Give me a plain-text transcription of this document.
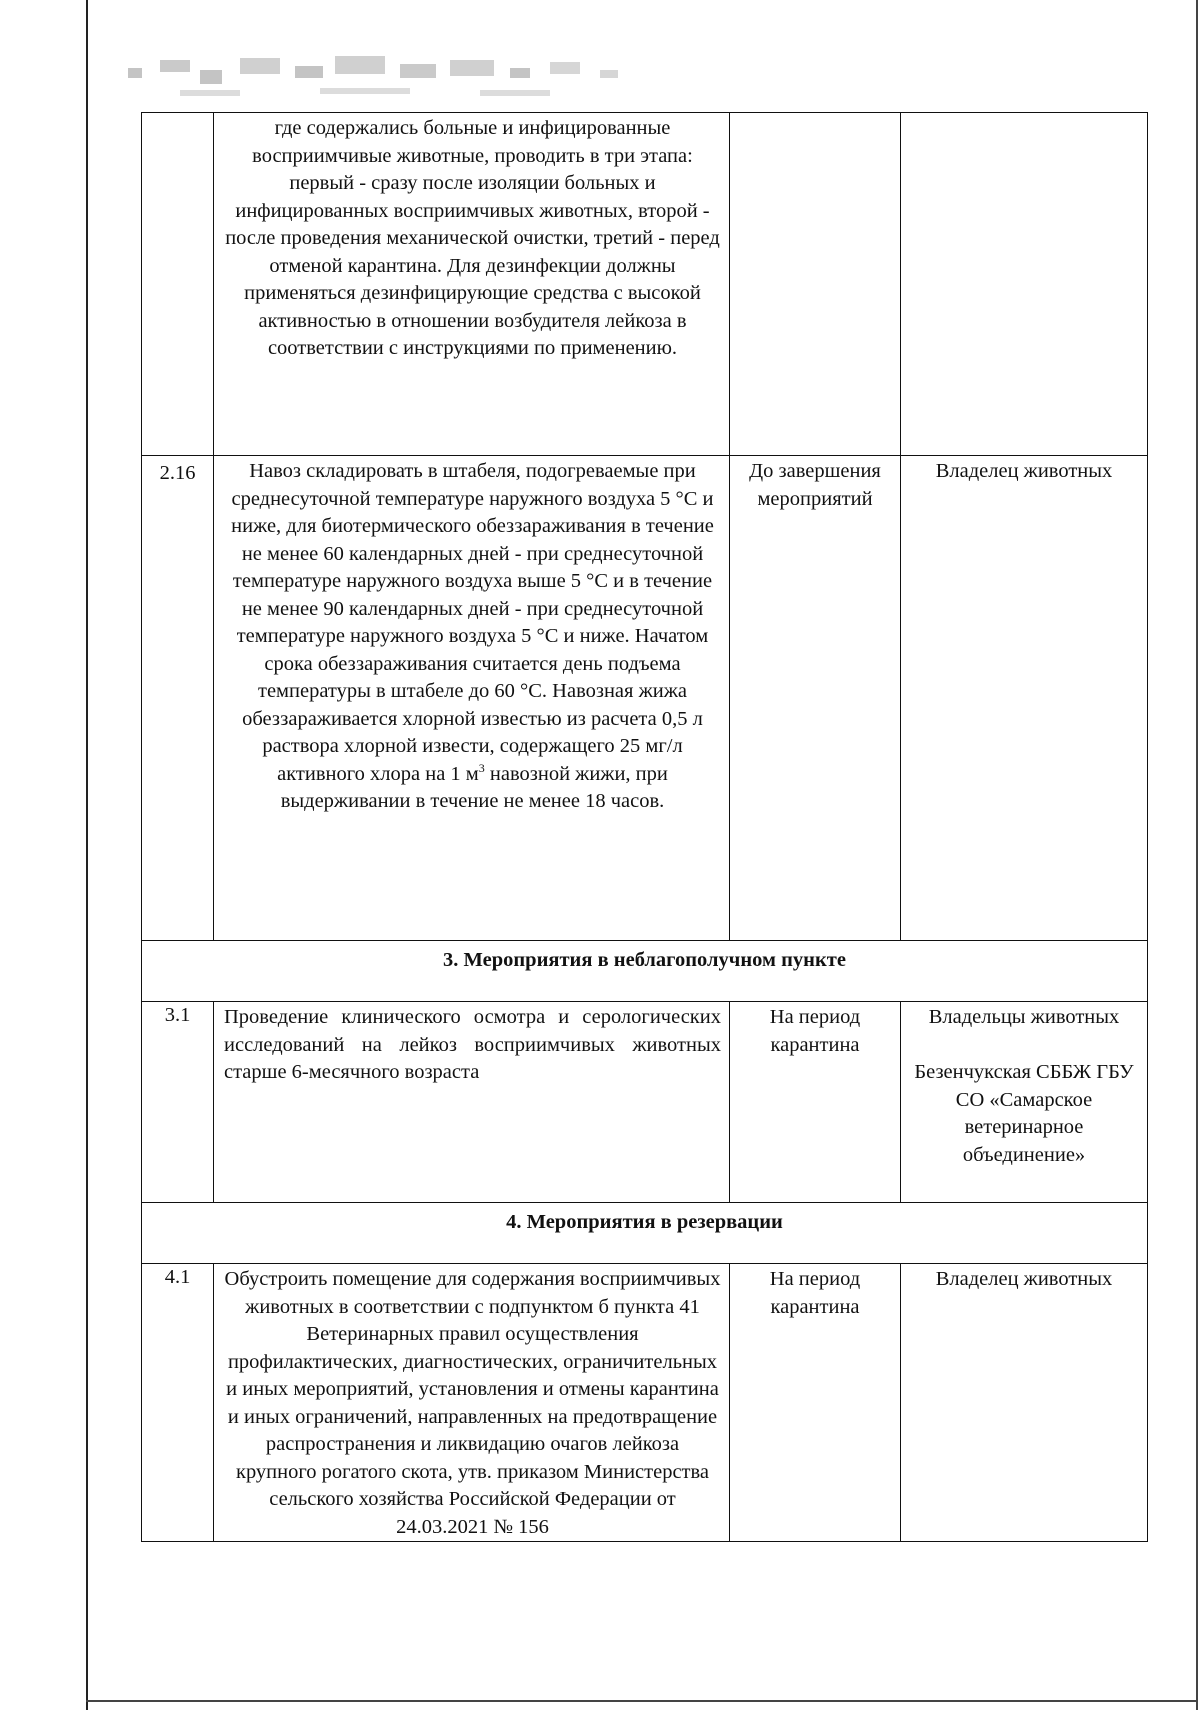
	где содержались больные и инфицированные восприимчивые животные, проводить в три этапа: первый - сразу после изоляции больных и инфицированных восприимчивых животных, второй - после проведения механической очистки, третий - перед отменой карантина. Для дезинфекции должны применяться дезинфицирующие средства с высокой активностью в отношении возбудителя лейкоза в соответствии с инструкциями по применению.		
2.16	Навоз складировать в штабеля, подогреваемые при среднесуточной температуре наружного воздуха 5 °С и ниже, для биотермического обеззараживания в течение не менее 60 календарных дней - при среднесуточной температуре наружного воздуха выше 5 °С и в течение не менее 90 календарных дней - при среднесуточной температуре наружного воздуха 5 °С и ниже. Начатом срока обеззараживания считается день подъема температуры в штабеле до 60 °С. Навозная жижа обеззараживается хлорной известью из расчета 0,5 л раствора хлорной извести, содержащего 25 мг/л активного хлора на 1 $м^3$ навозной жижи, при выдерживании в течение не менее 18 часов.	До завершения мероприятий	Владелец животных
3. Мероприятия в неблагополучном пункте			
3.1	Проведение клинического осмотра и серологических исследований на лейкоз восприимчивых животных старше 6-месячного возраста	На период карантина	Владельцы животных
Безенчукская СББЖ ГБУ СО «Самарское ветеринарное объединение»

4. Мероприятия в резервации			
4.1	Обустроить помещение для содержания восприимчивых животных в соответствии с подпунктом б пункта 41 Ветеринарных правил осуществления профилактических, диагностических, ограничительных и иных мероприятий, установления и отмены карантина и иных ограничений, направленных на предотвращение распространения и ликвидацию очагов лейкоза крупного рогатого скота, утв. приказом Министерства сельского хозяйства Российской Федерации от 24.03.2021 № 156	На период карантина	Владелец животных
